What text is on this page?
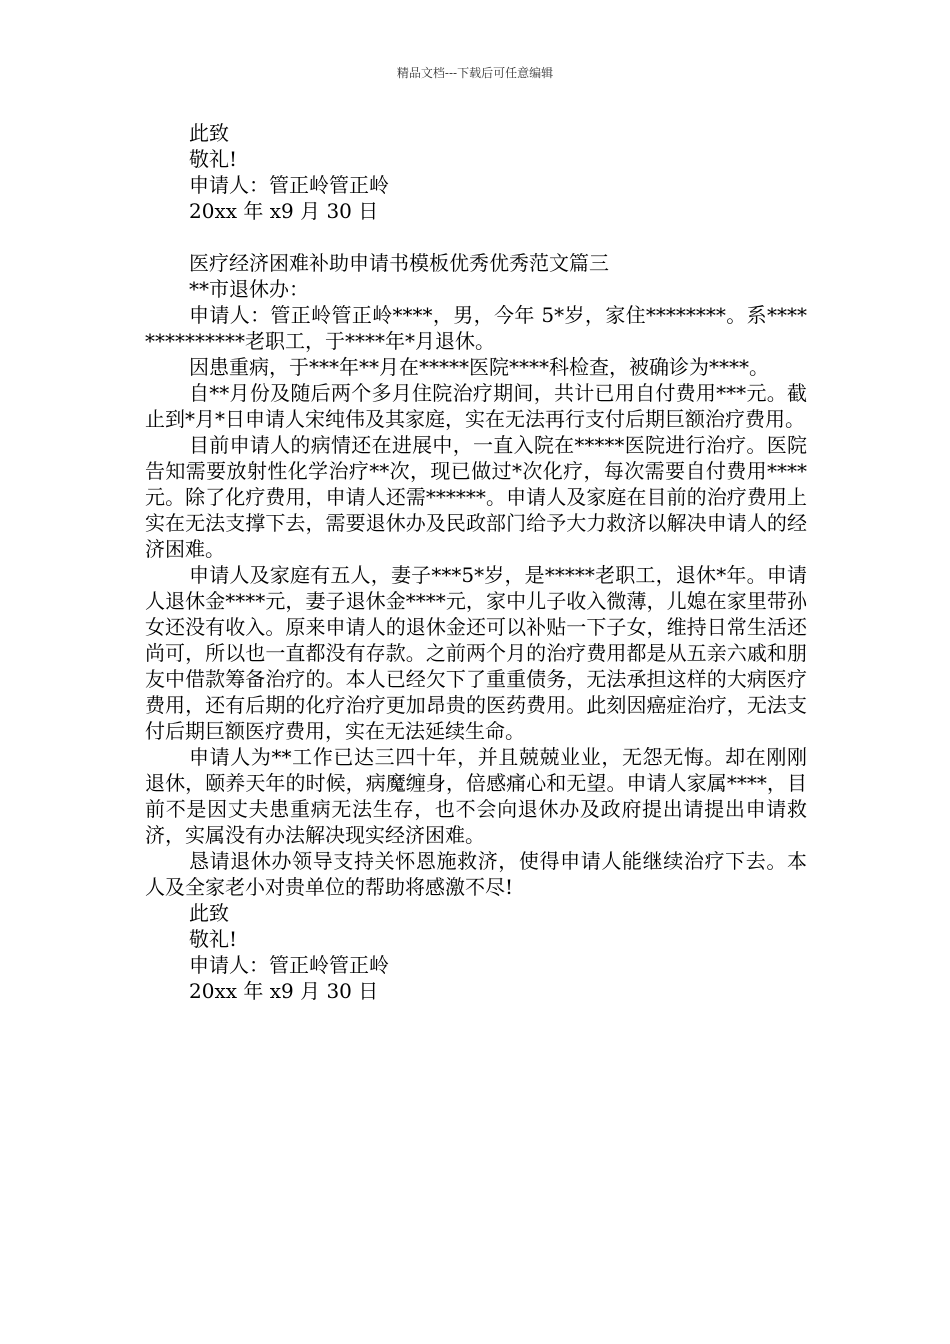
精品文档---下载后可任意编辑

此致

敬礼!

申请人：管正岭管正岭

20xx 年 x9 月 30 日

医疗经济困难补助申请书模板优秀优秀范文篇三

**市退休办：

申请人：管正岭管正岭****，男，今年 5*岁，家住********。系**************老职工，于****年*月退休。

因患重病，于***年**月在*****医院****科检查，被确诊为****。

自**月份及随后两个多月住院治疗期间，共计已用自付费用***元。截止到*月*日申请人宋纯伟及其家庭，实在无法再行支付后期巨额治疗费用。

目前申请人的病情还在进展中，一直入院在*****医院进行治疗。医院告知需要放射性化学治疗**次，现已做过*次化疗，每次需要自付费用****元。除了化疗费用，申请人还需******。申请人及家庭在目前的治疗费用上实在无法支撑下去，需要退休办及民政部门给予大力救济以解决申请人的经济困难。

申请人及家庭有五人，妻子***5*岁，是*****老职工，退休*年。申请人退休金****元，妻子退休金****元，家中儿子收入微薄，儿媳在家里带孙女还没有收入。原来申请人的退休金还可以补贴一下子女，维持日常生活还尚可，所以也一直都没有存款。之前两个月的治疗费用都是从五亲六戚和朋友中借款筹备治疗的。本人已经欠下了重重债务，无法承担这样的大病医疗费用，还有后期的化疗治疗更加昂贵的医药费用。此刻因癌症治疗，无法支付后期巨额医疗费用，实在无法延续生命。

申请人为**工作已达三四十年，并且兢兢业业，无怨无悔。却在刚刚退休，颐养天年的时候，病魔缠身，倍感痛心和无望。申请人家属****，目前不是因丈夫患重病无法生存，也不会向退休办及政府提出请提出申请救济，实属没有办法解决现实经济困难。

恳请退休办领导支持关怀恩施救济，使得申请人能继续治疗下去。本人及全家老小对贵单位的帮助将感激不尽!

此致

敬礼!

申请人：管正岭管正岭

20xx 年 x9 月 30 日
